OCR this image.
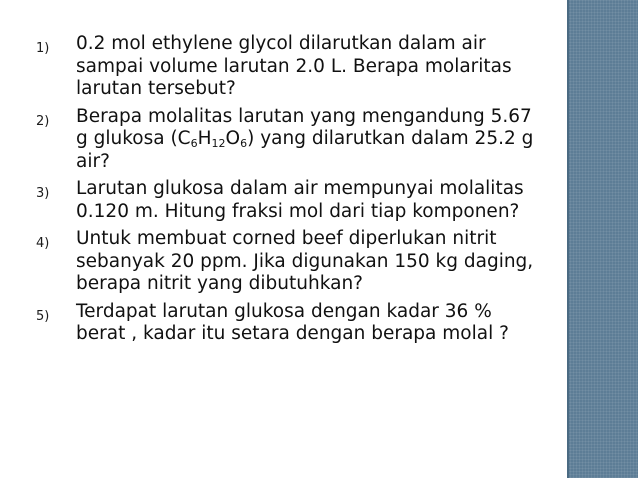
1) 0.2 mol ethylene glycol dilarutkan dalam air sampai volume larutan 2.0 L. Berapa molaritas larutan tersebut?
2) Berapa molalitas larutan yang mengandung 5.67 g glukosa $(C_6H_{12}O_6)$ yang dilarutkan dalam 25.2 g air?
3) Larutan glukosa dalam air mempunyai molalitas 0.120 m. Hitung fraksi mol dari tiap komponen?
4) Untuk membuat corned beef diperlukan nitrit sebanyak 20 ppm. Jika digunakan 150 kg daging, berapa nitrit yang dibutuhkan?
5) Terdapat larutan glukosa dengan kadar 36 % berat , kadar itu setara dengan berapa molal ?
